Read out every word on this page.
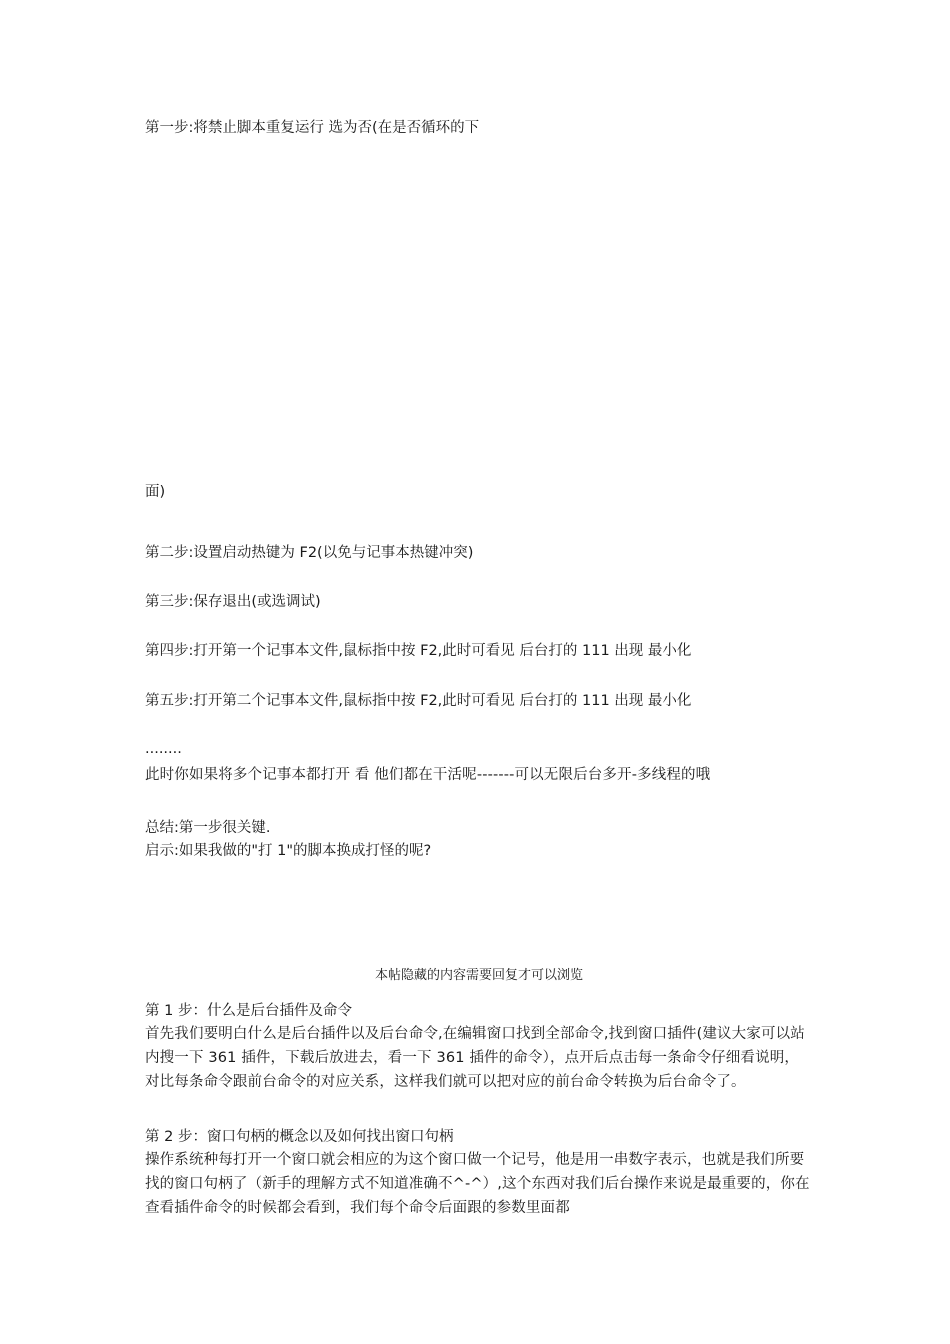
第一步:将禁止脚本重复运行 选为否(在是否循环的下
面)
第二步:设置启动热键为 F2(以免与记事本热键冲突)
第三步:保存退出(或选调试)
第四步:打开第一个记事本文件,鼠标指中按 F2,此时可看见 后台打的 111 出现 最小化
第五步:打开第二个记事本文件,鼠标指中按 F2,此时可看见 后台打的 111 出现 最小化
........
此时你如果将多个记事本都打开 看 他们都在干活呢-------可以无限后台多开-多线程的哦
总结:第一步很关键.
启示:如果我做的"打 1"的脚本换成打怪的呢?
本帖隐藏的内容需要回复才可以浏览
第 1 步：什么是后台插件及命令
首先我们要明白什么是后台插件以及后台命令,在编辑窗口找到全部命令,找到窗口插件(建议大家可以站内搜一下 361 插件，下载后放进去，看一下 361 插件的命令），点开后点击每一条命令仔细看说明，对比每条命令跟前台命令的对应关系，这样我们就可以把对应的前台命令转换为后台命令了。
第 2 步：窗口句柄的概念以及如何找出窗口句柄
操作系统种每打开一个窗口就会相应的为这个窗口做一个记号，他是用一串数字表示，也就是我们所要找的窗口句柄了（新手的理解方式不知道准确不^-^）,这个东西对我们后台操作来说是最重要的，你在查看插件命令的时候都会看到，我们每个命令后面跟的参数里面都
